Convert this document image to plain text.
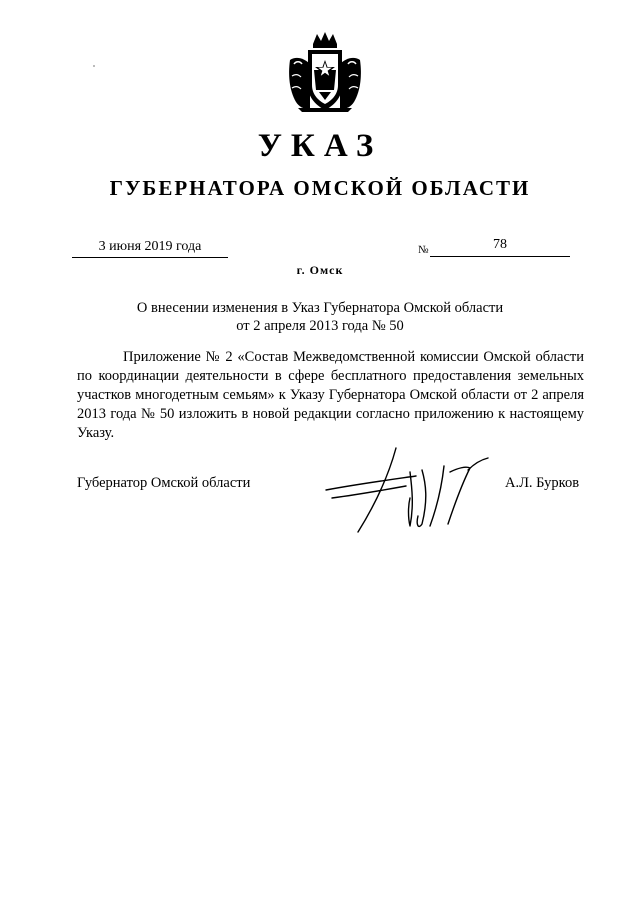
УКАЗ
ГУБЕРНАТОРА ОМСКОЙ ОБЛАСТИ
3 июня 2019 года	№	78
г. Омск
О внесении изменения в Указ Губернатора Омской области
от 2 апреля 2013 года № 50

Приложение № 2 «Состав Межведомственной комиссии Омской области по координации деятельности в сфере бесплатного предоставления земельных участков многодетным семьям» к Указу Губернатора Омской области от 2 апреля 2013 года № 50 изложить в новой редакции согласно приложению к настоящему Указу.

Губернатор Омской области	А.Л. Бурков
